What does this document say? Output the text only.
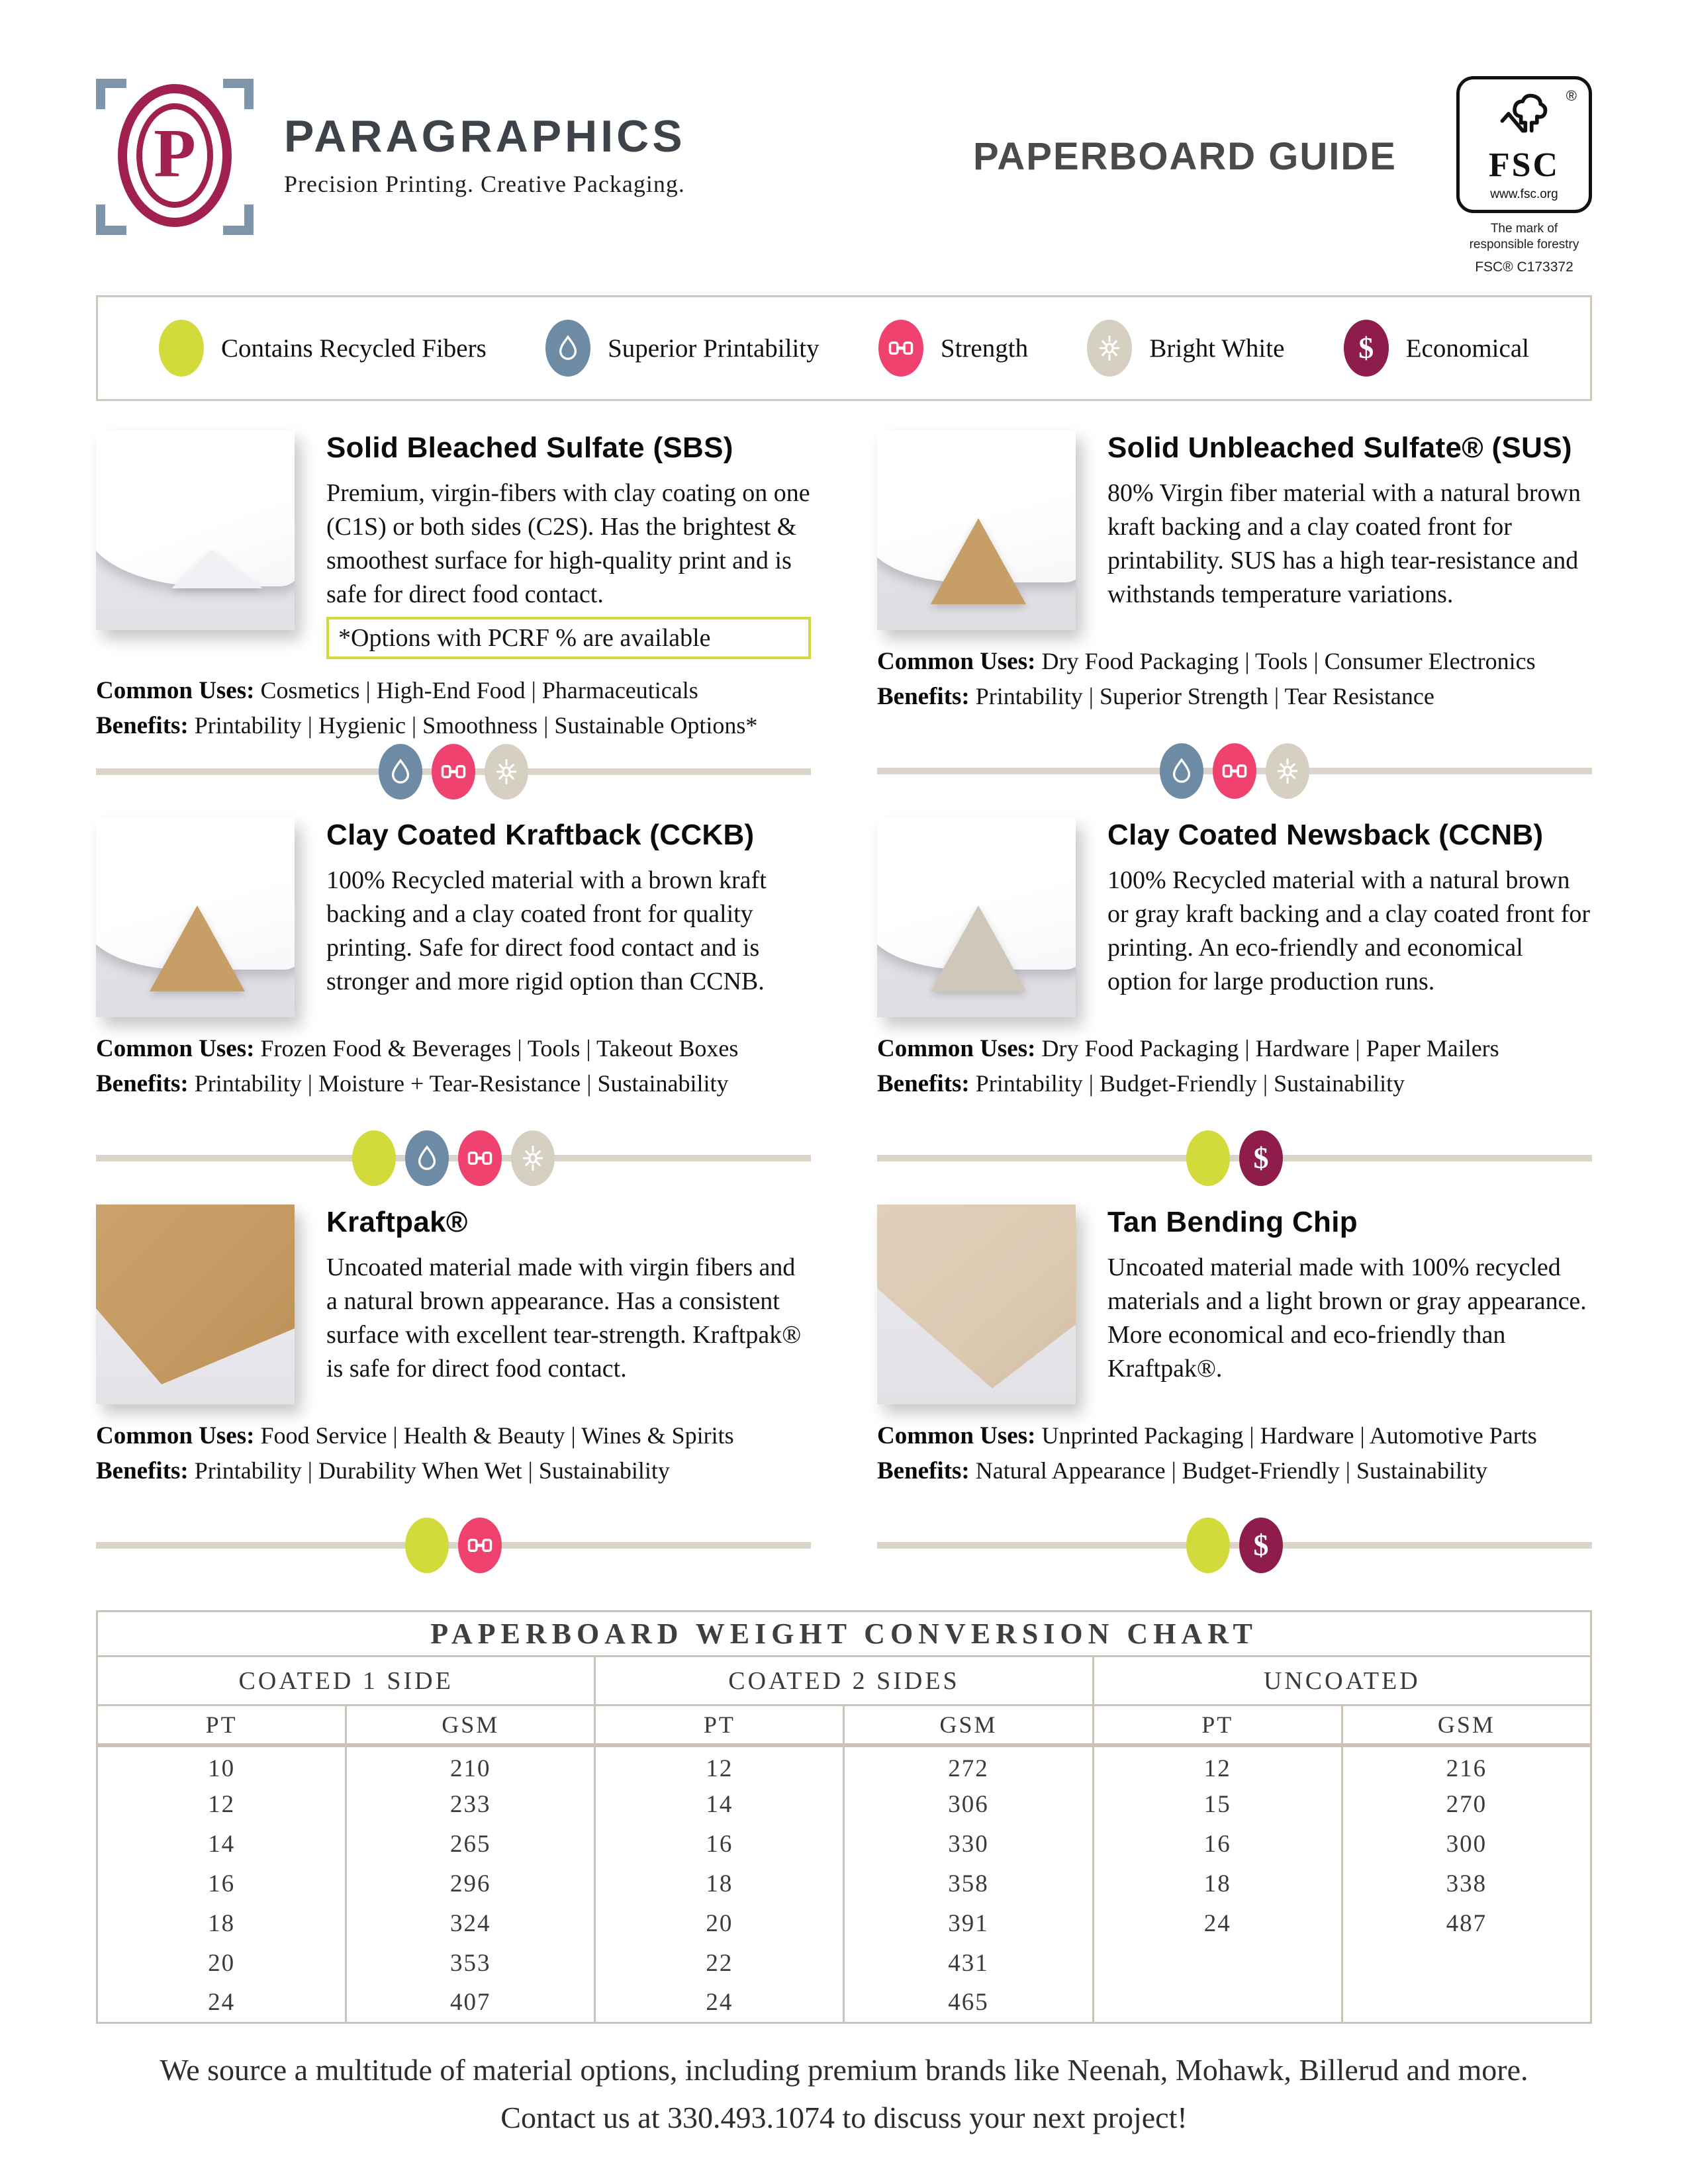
P PARAGRAPHICS
Precision Printing. Creative Packaging.
PAPERBOARD GUIDE
®
FSC
www.fsc.org
The mark of
responsible forestry
FSC® C173372
Contains Recycled Fibers	Superior Printability	Strength	Bright White $ Economical
Solid Bleached Sulfate (SBS)
Premium, virgin-fibers with clay coating on one (C1S) or both sides (C2S). Has the brightest & smoothest surface for high-quality print and is safe for direct food contact.
*Options with PCRF % are available
Common Uses: Cosmetics | High-End Food | Pharmaceuticals
Benefits: Printability | Hygienic | Smoothness | Sustainable Options*
Solid Unbleached Sulfate® (SUS)
80% Virgin fiber material with a natural brown kraft backing and a clay coated front for printability. SUS has a high tear-resistance and withstands temperature variations.
Common Uses: Dry Food Packaging | Tools | Consumer Electronics
Benefits: Printability | Superior Strength | Tear Resistance
Clay Coated Kraftback (CCKB)
100% Recycled material with a brown kraft backing and a clay coated front for quality printing. Safe for direct food contact and is stronger and more rigid option than CCNB.
Common Uses: Frozen Food & Beverages | Tools | Takeout Boxes
Benefits: Printability | Moisture + Tear-Resistance | Sustainability
Clay Coated Newsback (CCNB)
100% Recycled material with a natural brown or gray kraft backing and a clay coated front for printing. An eco-friendly and economical option for large production runs.
Common Uses: Dry Food Packaging | Hardware | Paper Mailers
Benefits: Printability | Budget-Friendly | Sustainability
$
Kraftpak®
Uncoated material made with virgin fibers and a natural brown appearance. Has a consistent surface with excellent tear-strength. Kraftpak® is safe for direct food contact.
Common Uses: Food Service | Health & Beauty | Wines & Spirits
Benefits: Printability | Durability When Wet | Sustainability
Tan Bending Chip
Uncoated material made with 100% recycled materials and a light brown or gray appearance. More economical and eco-friendly than Kraftpak®.
Common Uses: Unprinted Packaging | Hardware | Automotive Parts
Benefits: Natural Appearance | Budget-Friendly | Sustainability
$
PAPERBOARD WEIGHT CONVERSION CHART					
COATED 1 SIDE		COATED 2 SIDES		UNCOATED	
PT	GSM	PT	GSM	PT	GSM
10	210	12	272	12	216
12	233	14	306	15	270
14	265	16	330	16	300
16	296	18	358	18	338
18	324	20	391	24	487
20	353	22	431		
24	407	24	465		
We source a multitude of material options, including premium brands like Neenah, Mohawk, Billerud and more.
Contact us at 330.493.1074 to discuss your next project!
